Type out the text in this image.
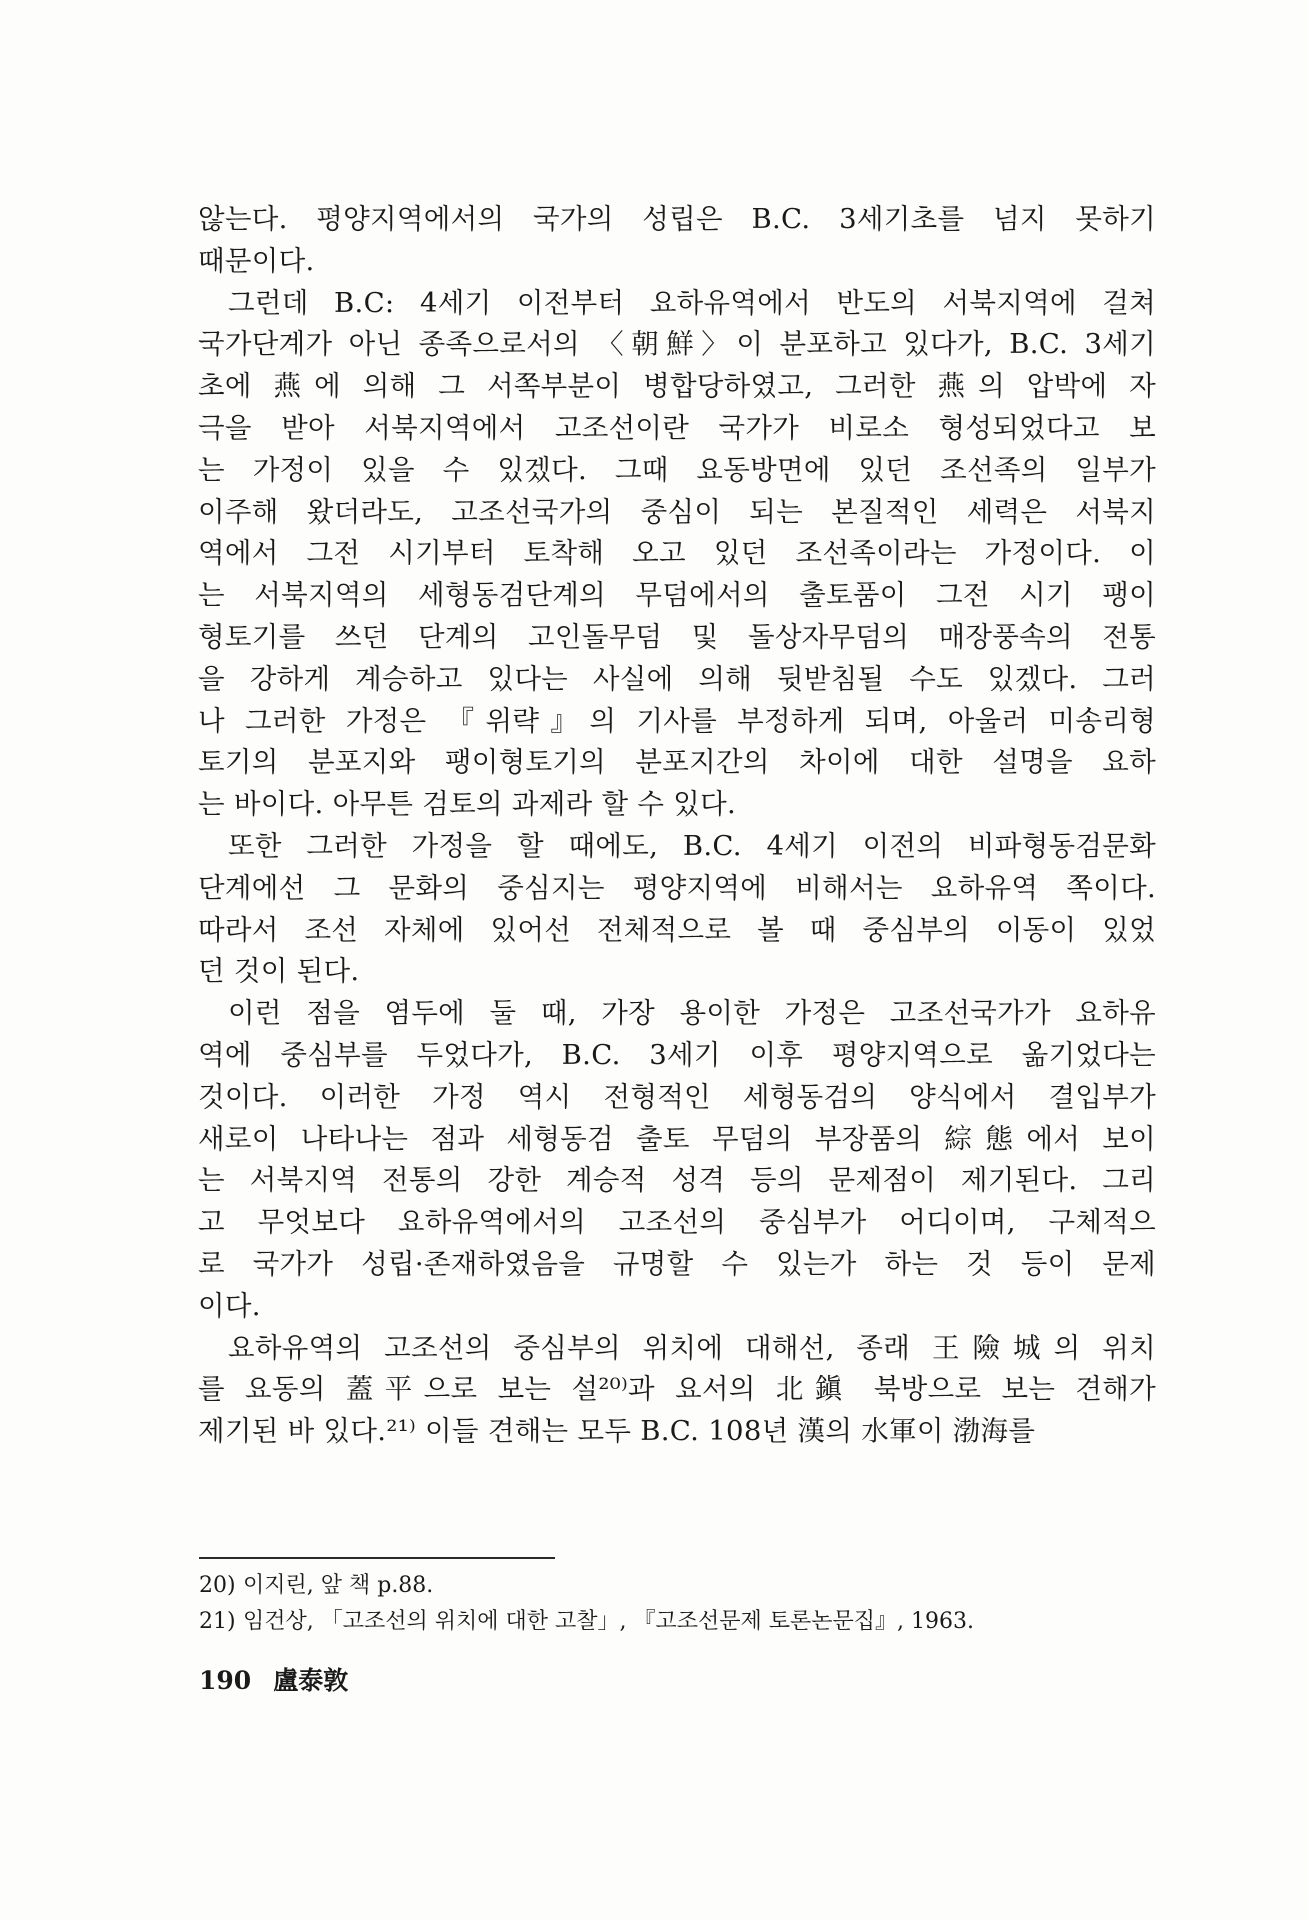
않는다. 평양지역에서의 국가의 성립은 B.C. 3세기초를 넘지 못하기
때문이다.

그런데 B.C: 4세기 이전부터 요하유역에서 반도의 서북지역에 걸쳐
국가단계가 아닌 종족으로서의 〈朝鮮〉이 분포하고 있다가, B.C. 3세기
초에 燕에 의해 그 서쪽부분이 병합당하였고, 그러한 燕의 압박에 자
극을 받아 서북지역에서 고조선이란 국가가 비로소 형성되었다고 보
는 가정이 있을 수 있겠다. 그때 요동방면에 있던 조선족의 일부가
이주해 왔더라도, 고조선국가의 중심이 되는 본질적인 세력은 서북지
역에서 그전 시기부터 토착해 오고 있던 조선족이라는 가정이다. 이
는 서북지역의 세형동검단계의 무덤에서의 출토품이 그전 시기 팽이
형토기를 쓰던 단계의 고인돌무덤 및 돌상자무덤의 매장풍속의 전통
을 강하게 계승하고 있다는 사실에 의해 뒷받침될 수도 있겠다. 그러
나 그러한 가정은 『위략』의 기사를 부정하게 되며, 아울러 미송리형
토기의 분포지와 팽이형토기의 분포지간의 차이에 대한 설명을 요하
는 바이다. 아무튼 검토의 과제라 할 수 있다.

또한 그러한 가정을 할 때에도, B.C. 4세기 이전의 비파형동검문화
단계에선 그 문화의 중심지는 평양지역에 비해서는 요하유역 쪽이다.
따라서 조선 자체에 있어선 전체적으로 볼 때 중심부의 이동이 있었
던 것이 된다.

이런 점을 염두에 둘 때, 가장 용이한 가정은 고조선국가가 요하유
역에 중심부를 두었다가, B.C. 3세기 이후 평양지역으로 옮기었다는
것이다. 이러한 가정 역시 전형적인 세형동검의 양식에서 결입부가
새로이 나타나는 점과 세형동검 출토 무덤의 부장품의 綜態에서 보이
는 서북지역 전통의 강한 계승적 성격 등의 문제점이 제기된다. 그리
고 무엇보다 요하유역에서의 고조선의 중심부가 어디이며, 구체적으
로 국가가 성립·존재하였음을 규명할 수 있는가 하는 것 등이 문제
이다.

요하유역의 고조선의 중심부의 위치에 대해선, 종래 王險城의 위치
를 요동의 蓋平으로 보는 설²⁰⁾과 요서의 北鎭 북방으로 보는 견해가
제기된 바 있다.²¹⁾ 이들 견해는 모두 B.C. 108년 漢의 水軍이 渤海를

20) 이지린, 앞 책 p.88.

21) 임건상, 「고조선의 위치에 대한 고찰」, 『고조선문제 토론논문집』, 1963.

190 盧泰敦
